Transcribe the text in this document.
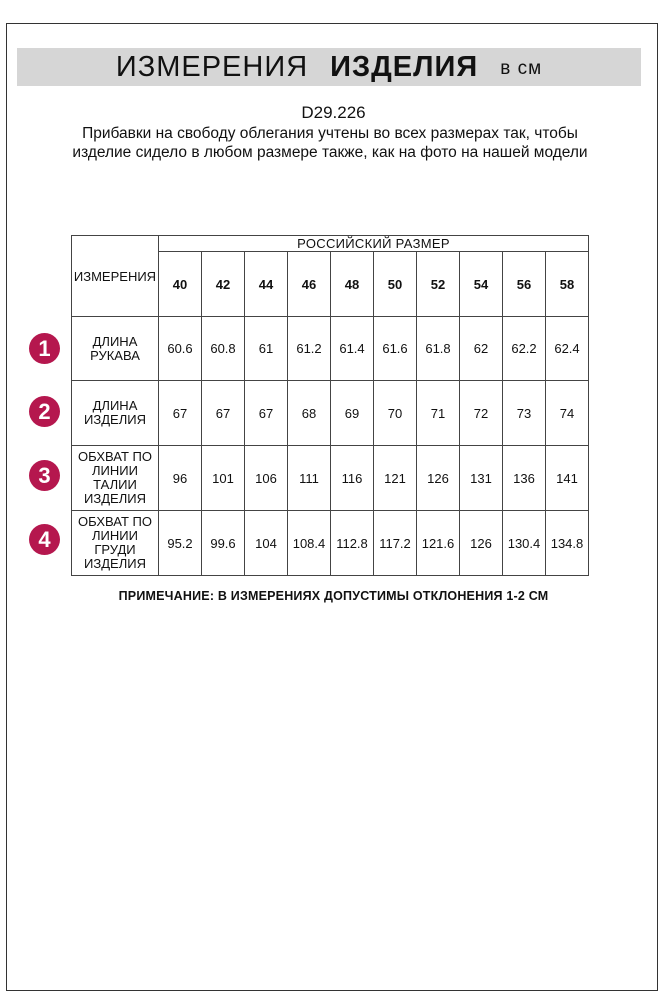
ИЗМЕРЕНИЯ ИЗДЕЛИЯ в см
D29.226
Прибавки на свободу облегания учтены во всех размерах так, чтобы изделие сидело в любом размере также, как на фото на нашей модели
ИЗМЕРЕНИЯ	РОССИЙСКИЙ РАЗМЕР									
	40	42	44	46	48	50	52	54	56	58
ДЛИНА РУКАВА	60.6	60.8	61	61.2	61.4	61.6	61.8	62	62.2	62.4
ДЛИНА ИЗДЕЛИЯ	67	67	67	68	69	70	71	72	73	74
ОБХВАТ ПО ЛИНИИ ТАЛИИ ИЗДЕЛИЯ	96	101	106	111	116	121	126	131	136	141
ОБХВАТ ПО ЛИНИИ ГРУДИ ИЗДЕЛИЯ	95.2	99.6	104	108.4	112.8	117.2	121.6	126	130.4	134.8
1
2
3
4
ПРИМЕЧАНИЕ: В ИЗМЕРЕНИЯХ ДОПУСТИМЫ ОТКЛОНЕНИЯ 1-2 СМ
